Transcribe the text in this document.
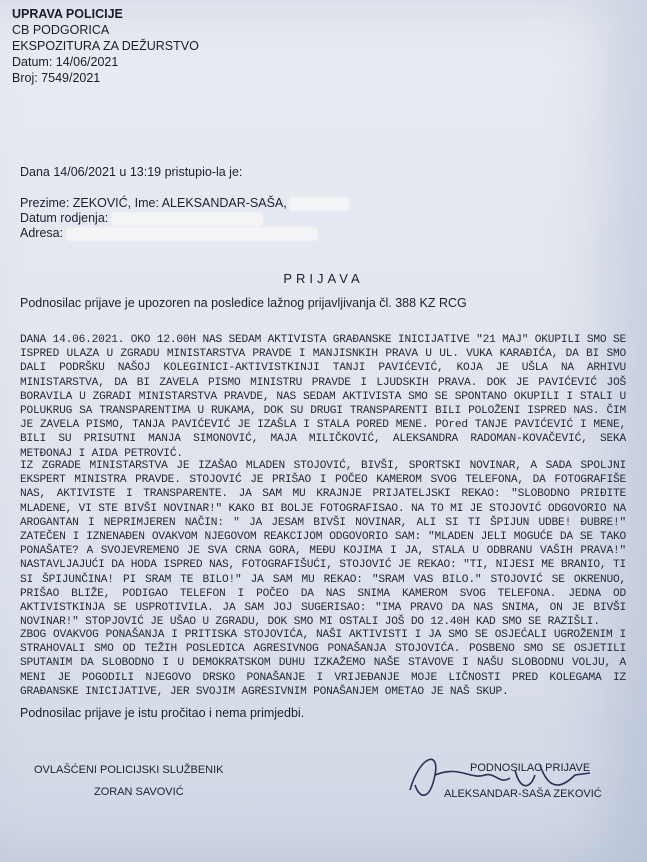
UPRAVA POLICIJE
CB PODGORICA
EKSPOZITURA ZA DEŽURSTVO
Datum: 14/06/2021
Broj: 7549/2021
Dana 14/06/2021 u 13:19 pristupio-la je:
Prezime: ZEKOVIĆ, Ime: ALEKSANDAR-SAŠA,
Datum rodjenja:
Adresa:
PRIJAVA
Podnosilac prijave je upozoren na posledice lažnog prijavljivanja čl. 388 KZ RCG
DANA 14.06.2021. OKO 12.00H NAS SEDAM AKTIVISTA GRAĐANSKE INICIJATIVE "21 MAJ" OKUPILI SMO SE ISPRED ULAZA U ZGRADU MINISTARSTVA PRAVDE I MANJISNKIH PRAVA U UL. VUKA KARAĐIĆA, DA BI SMO DALI PODRŠKU NAŠOJ KOLEGINICI-AKTIVISTKINJI TANJI PAVIĆEVIĆ, KOJA JE UŠLA NA ARHIVU MINISTARSTVA, DA BI ZAVELA PISMO MINISTRU PRAVDE I LJUDSKIH PRAVA. DOK JE PAVIĆEVIĆ JOŠ BORAVILA U ZGRADI MINISTARSTVA PRAVDE, NAS SEDAM AKTIVISTA SMO SE SPONTANO OKUPILI I STALI U POLUKRUG SA TRANSPARENTIMA U RUKAMA, DOK SU DRUGI TRANSPARENTI BILI POLOŽENI ISPRED NAS. ČIM JE ZAVELA PISMO, TANJA PAVIĆEVIĆ JE IZAŠLA I STALA PORED MENE. POred TANJE PAVIĆEVIĆ I MENE, BILI SU PRISUTNI MANJA SIMONOVIĆ, MAJA MILIČKOVIĆ, ALEKSANDRA RADOMAN-KOVAČEVIĆ, SEKA METĐONAJ I AIDA PETROVIĆ.
IZ ZGRADE MINISTARSTVA JE IZAŠAO MLADEN STOJOVIĆ, BIVŠI, SPORTSKI NOVINAR, A SADA SPOLJNI EKSPERT MINISTRA PRAVDE. STOJOVIĆ JE PRIŠAO I POČEO KAMEROM SVOG TELEFONA, DA FOTOGRAFIŠE NAS, AKTIVISTE I TRANSPARENTE. JA SAM MU KRAJNJE PRIJATELJSKI REKAO: "SLOBODNO PRIĐITE MLADENE, VI STE BIVŠI NOVINAR!" KAKO BI BOLJE FOTOGRAFISAO. NA TO MI JE STOJOVIĆ ODGOVORIO NA AROGANTAN I NEPRIMJEREN NAČIN: " JA JESAM BIVŠI NOVINAR, ALI SI TI ŠPIJUN UDBE! ĐUBRE!" ZATEČEN I IZNENAĐEN OVAKVOM NJEGOVOM REAKCIJOM ODGOVORIO SAM: "MLADEN JELI MOGUĆE DA SE TAKO PONAŠATE? A SVOJEVREMENO JE SVA CRNA GORA, MEĐU KOJIMA I JA, STALA U ODBRANU VAŠIH PRAVA!" NASTAVLJAJUĆI DA HODA ISPRED NAS, FOTOGRAFIŠUĆI, STOJOVIĆ JE REKAO: "TI, NIJESI ME BRANIO, TI SI ŠPIJUNČINA! PI SRAM TE BILO!" JA SAM MU REKAO: "SRAM VAS BILO." STOJOVIĆ SE OKRENUO, PRIŠAO BLIŽE, PODIGAO TELEFON I POČEO DA NAS SNIMA KAMEROM SVOG TELEFONA. JEDNA OD AKTIVISTKINJA SE USPROTIVILA. JA SAM JOJ SUGERISAO: "IMA PRAVO DA NAS SNIMA, ON JE BIVŠI NOVINAR!" STOPJOVIĆ JE UŠAO U ZGRADU, DOK SMO MI OSTALI JOŠ DO 12.40H KAD SMO SE RAZIŠLI.
ZBOG OVAKVOG PONAŠANJA I PRITISKA STOJOVIĆA, NAŠI AKTIVISTI I JA SMO SE OSJEĆALI UGROŽENIM I STRAHOVALI SMO OD TEŽIH POSLEDICA AGRESIVNOG PONAŠANJA STOJOVIĆA. POSBENO SMO SE OSJETILI SPUTANIM DA SLOBODNO I U DEMOKRATSKOM DUHU IZKAŽEMO NAŠE STAVOVE I NAŠU SLOBODNU VOLJU, A MENI JE POGODILI NJEGOVO DRSKO PONAŠANJE I VRIJEĐANJE MOJE LIČNOSTI PRED KOLEGAMA IZ GRAĐANSKE INICIJATIVE, JER SVOJIM AGRESIVNIM PONAŠANJEM OMETAO JE NAŠ SKUP.
Podnosilac prijave je istu pročitao i nema primjedbi.
OVLAŠĆENI POLICIJSKI SLUŽBENIK
ZORAN SAVOVIĆ
PODNOSILAC PRIJAVE
ALEKSANDAR-SAŠA ZEKOVIĆ
